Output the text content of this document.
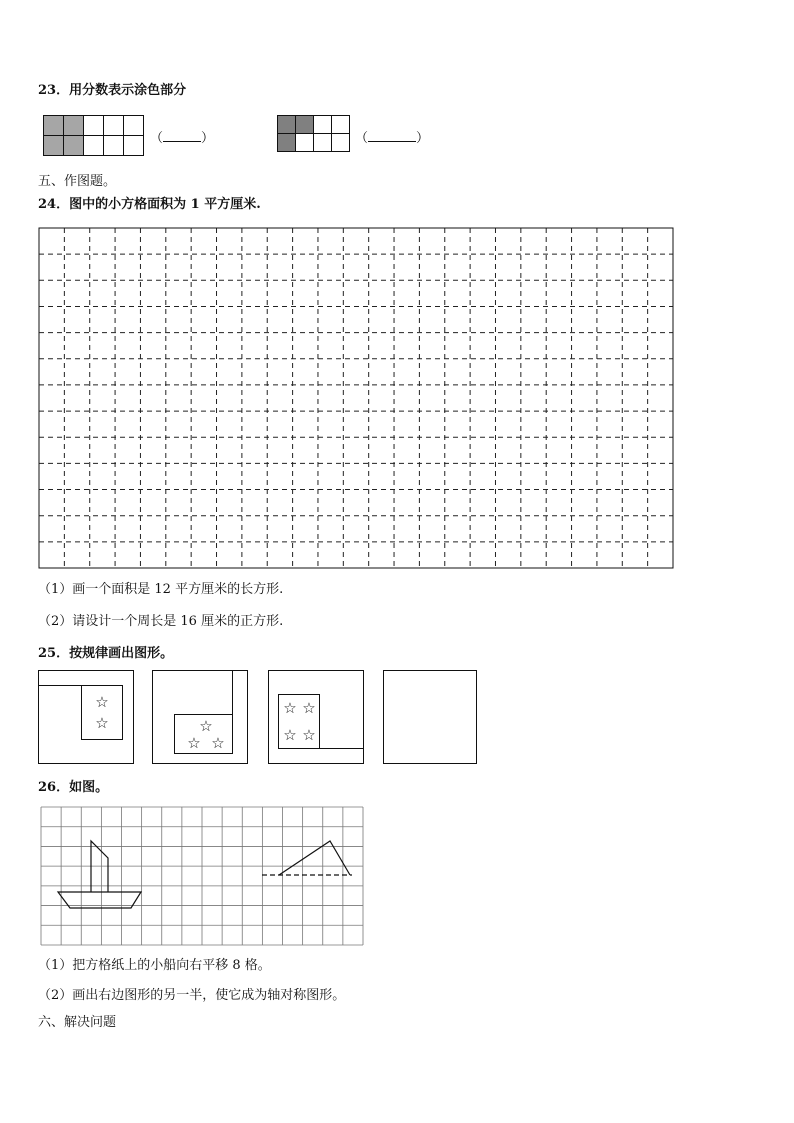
23．用分数表示涂色部分
（	）	（	）
五、作图题。
24．图中的小方格面积为 1 平方厘米.
（1）画一个面积是 12 平方厘米的长方形.
（2）请设计一个周长是 16 厘米的正方形.
25．按规律画出图形。
☆
☆	☆
☆ ☆
☆ ☆
☆ ☆
26．如图。
（1）把方格纸上的小船向右平移 8 格。
（2）画出右边图形的另一半，使它成为轴对称图形。
六、解决问题
